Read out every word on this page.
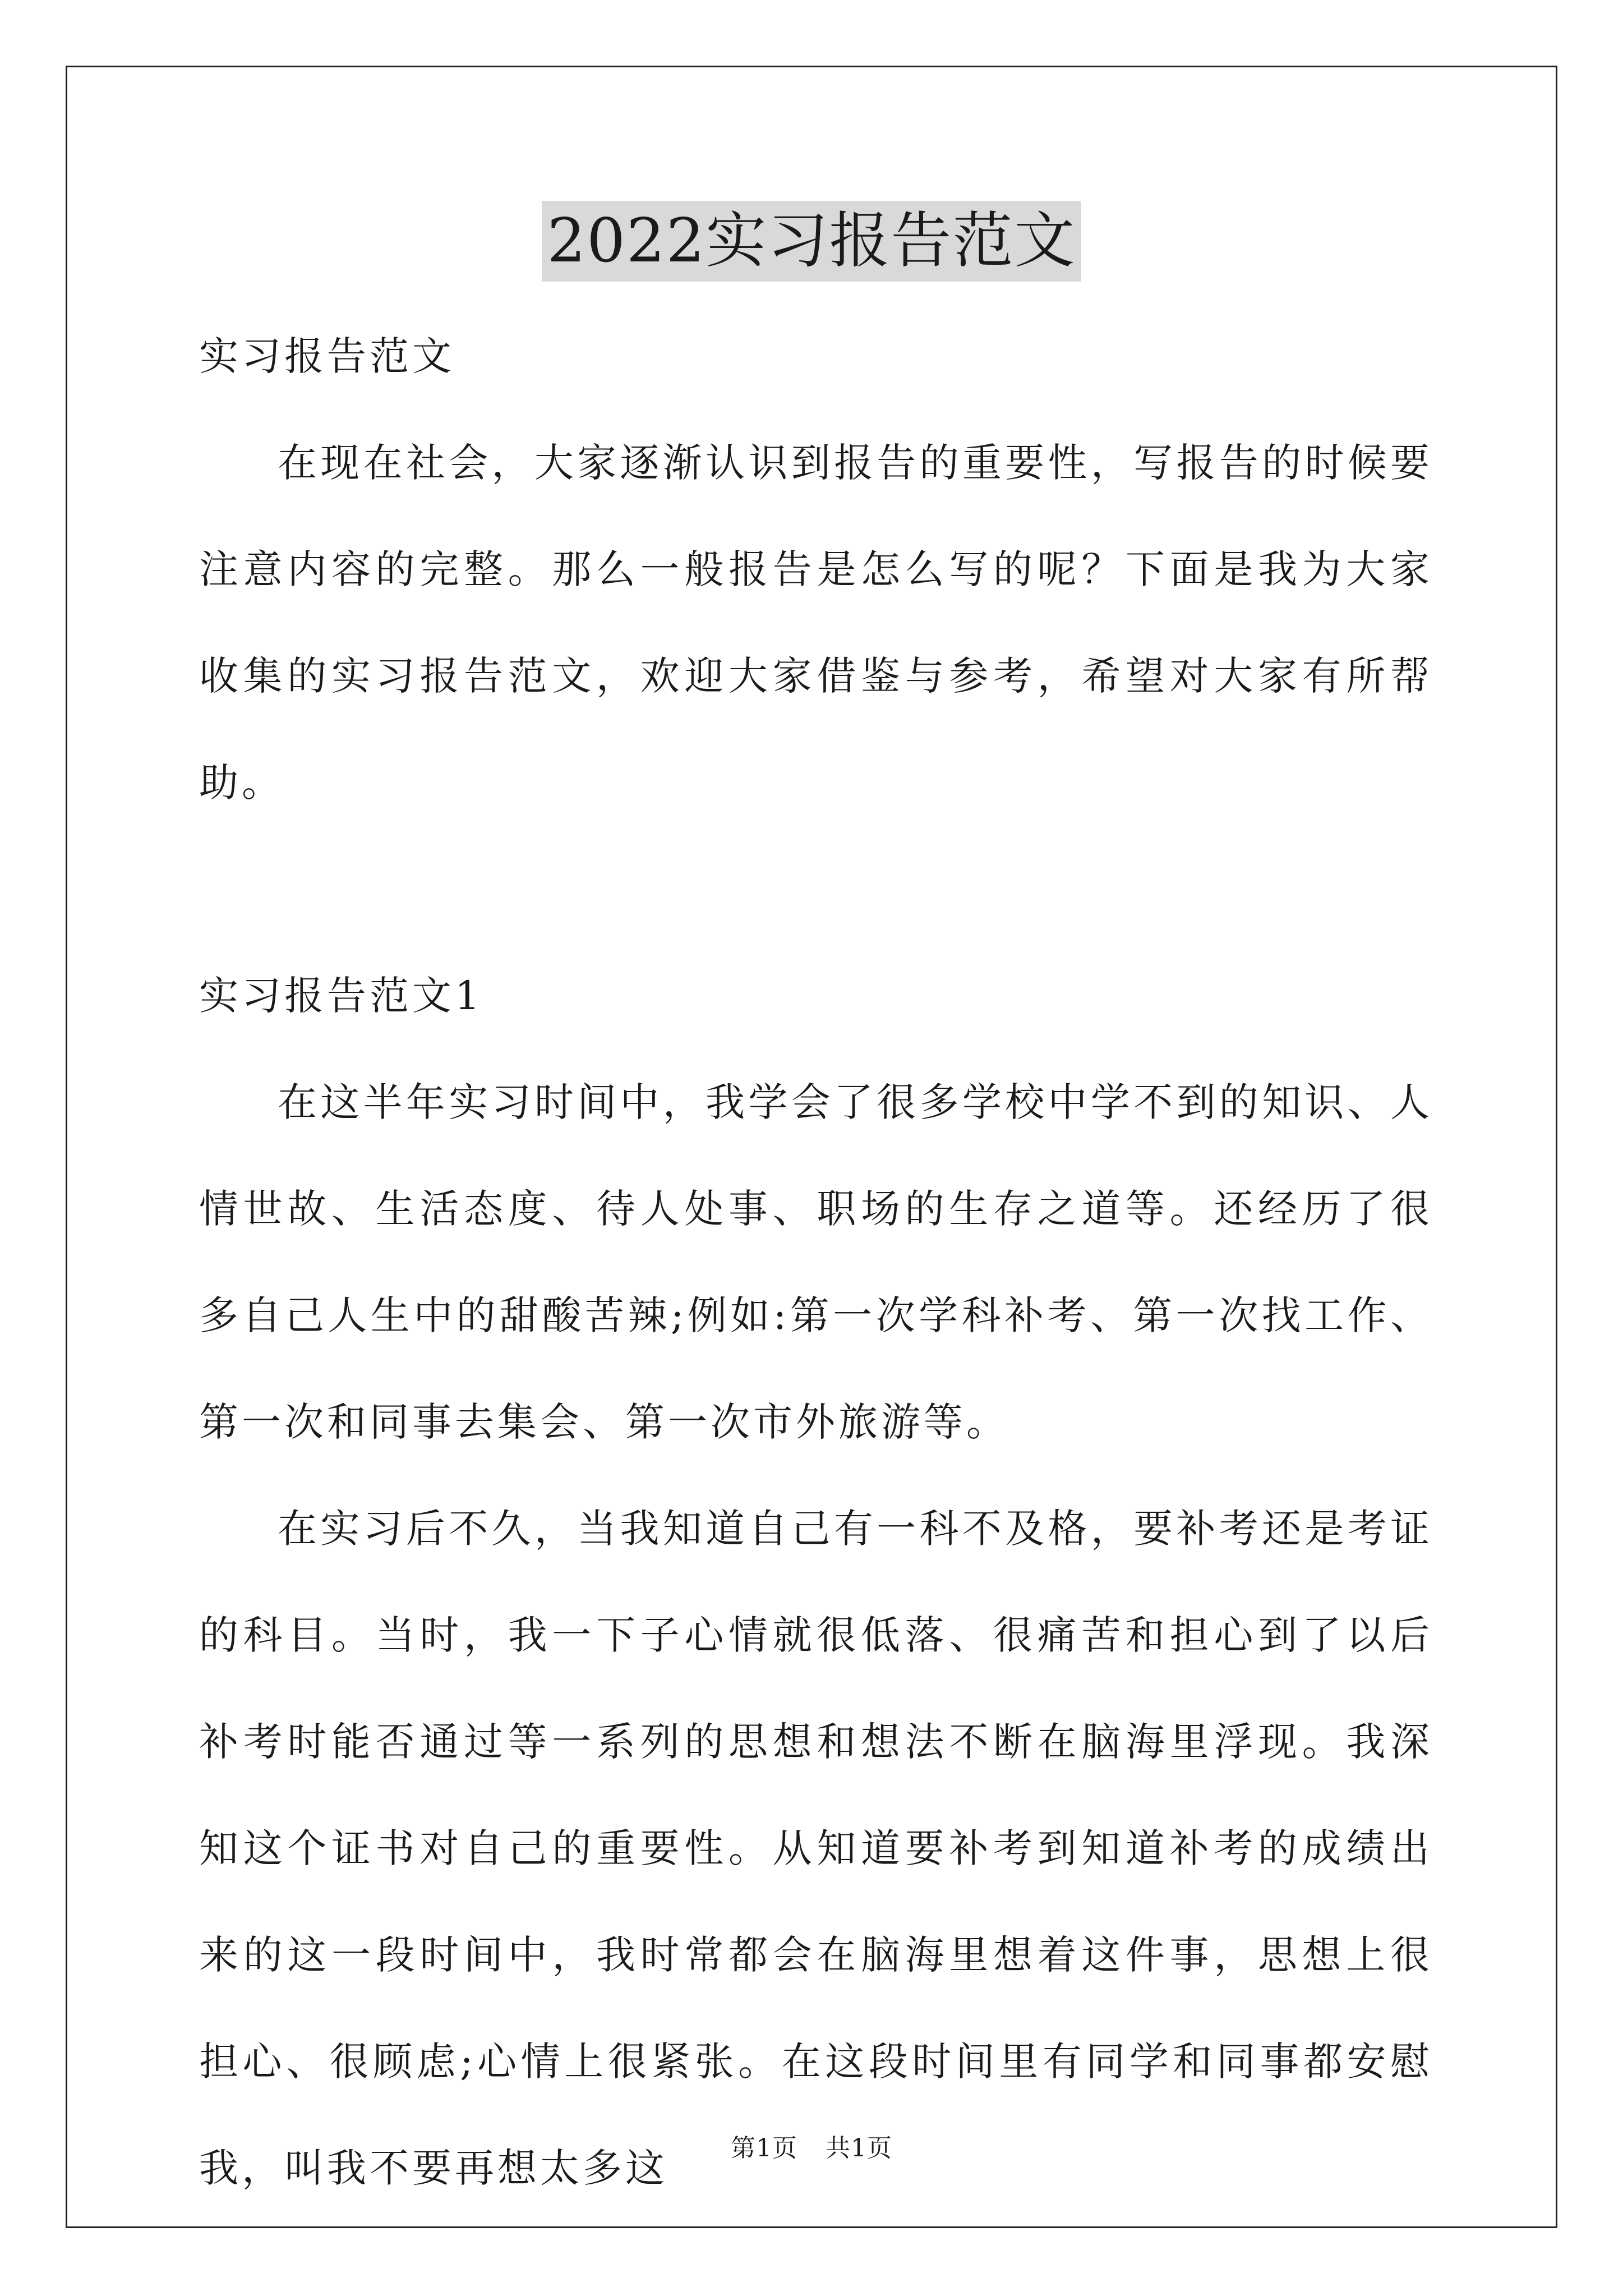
2022实习报告范文

实习报告范文

在现在社会，大家逐渐认识到报告的重要性，写报告的时候要注意内容的完整。那么一般报告是怎么写的呢？下面是我为大家收集的实习报告范文，欢迎大家借鉴与参考，希望对大家有所帮助。

实习报告范文1

在这半年实习时间中，我学会了很多学校中学不到的知识、人情世故、生活态度、待人处事、职场的生存之道等。还经历了很多自己人生中的甜酸苦辣;例如:第一次学科补考、第一次找工作、第一次和同事去集会、第一次市外旅游等。

在实习后不久，当我知道自己有一科不及格，要补考还是考证的科目。当时，我一下子心情就很低落、很痛苦和担心到了以后补考时能否通过等一系列的思想和想法不断在脑海里浮现。我深知这个证书对自己的重要性。从知道要补考到知道补考的成绩出来的这一段时间中，我时常都会在脑海里想着这件事，思想上很担心、很顾虑;心情上很紧张。在这段时间里有同学和同事都安慰我，叫我不要再想太多这	第1页 共1页
